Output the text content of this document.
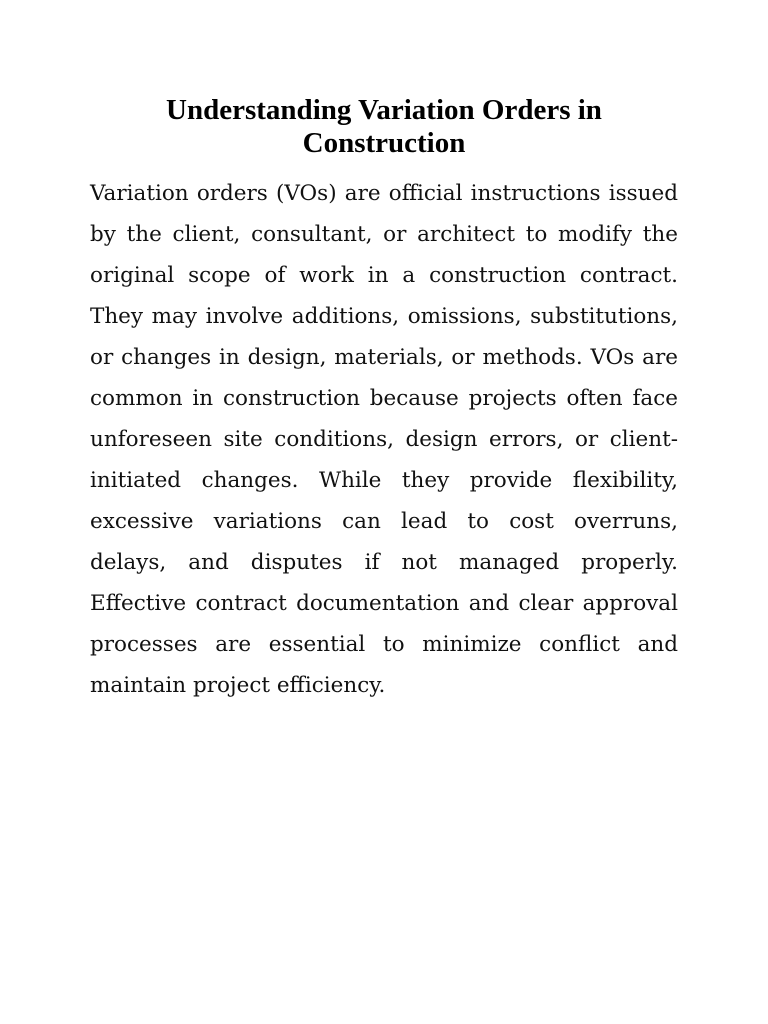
Understanding Variation Orders in
Construction

Variation orders (VOs) are official instructions issued by the client, consultant, or architect to modify the original scope of work in a construction contract. They may involve additions, omissions, substitutions, or changes in design, materials, or methods. VOs are common in construction because projects often face unforeseen site conditions, design errors, or client-initiated changes. While they provide flexibility, excessive variations can lead to cost overruns, delays, and disputes if not managed properly. Effective contract documentation and clear approval processes are essential to minimize conflict and maintain project efficiency.
